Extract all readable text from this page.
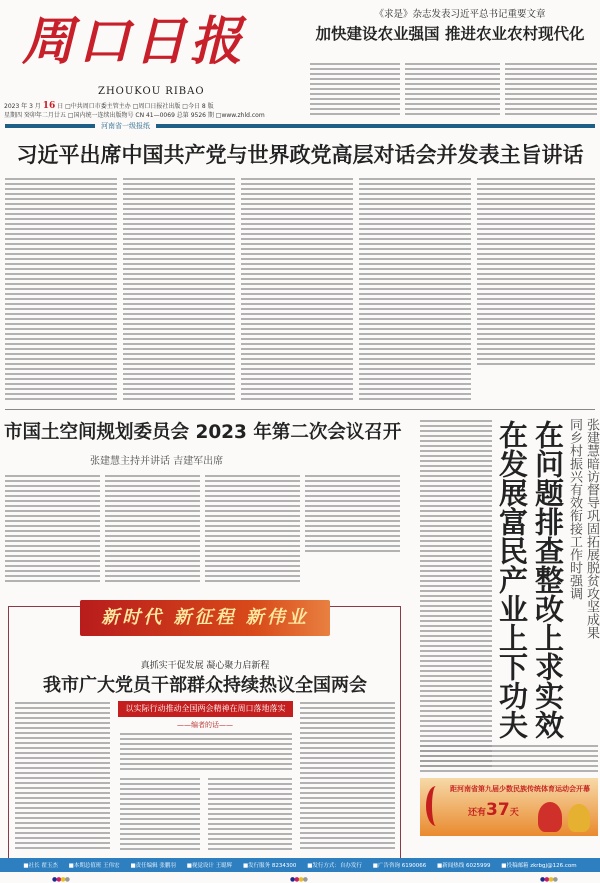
周口日报
ZHOUKOU RIBAO
2023 年 3 月 16 日 □中共周口市委主管主办 □周口日报社出版 □今日 8 版
星期四 癸卯年二月廿五 □国内统一连续出版物号 CN 41—0069 总第 9526 期 □www.zhld.com
《求是》杂志发表习近平总书记重要文章
加快建设农业强国 推进农业农村现代化
河南省一级报纸
习近平出席中国共产党与世界政党高层对话会并发表主旨讲话
市国土空间规划委员会 2023 年第二次会议召开
张建慧主持并讲话 吉建军出席	张建慧暗访督导巩固拓展脱贫攻坚成果
同乡村振兴有效衔接工作时强调
在问题排查整改上求实效
在发展富民产业上下功夫
新时代 新征程 新伟业
真抓实干促发展 凝心聚力启新程
我市广大党员干部群众持续热议全国两会
以实际行动推动全国两会精神在周口落地落实
——编者的话——
距河南省第九届少数民族传统体育运动会开幕
还有37天
■社长 翟玉杰 ■本期总值班 王伟宏 ■责任编辑 张鹏羽 ■视觉设计 王聪辉 ■发行服务 8234300 ■发行方式：自办发行 ■广告咨询 6190066 ■新闻热线 6025999 ■投稿邮箱 zkrbgj@126.com
●●●●	●●●●	●●●●
